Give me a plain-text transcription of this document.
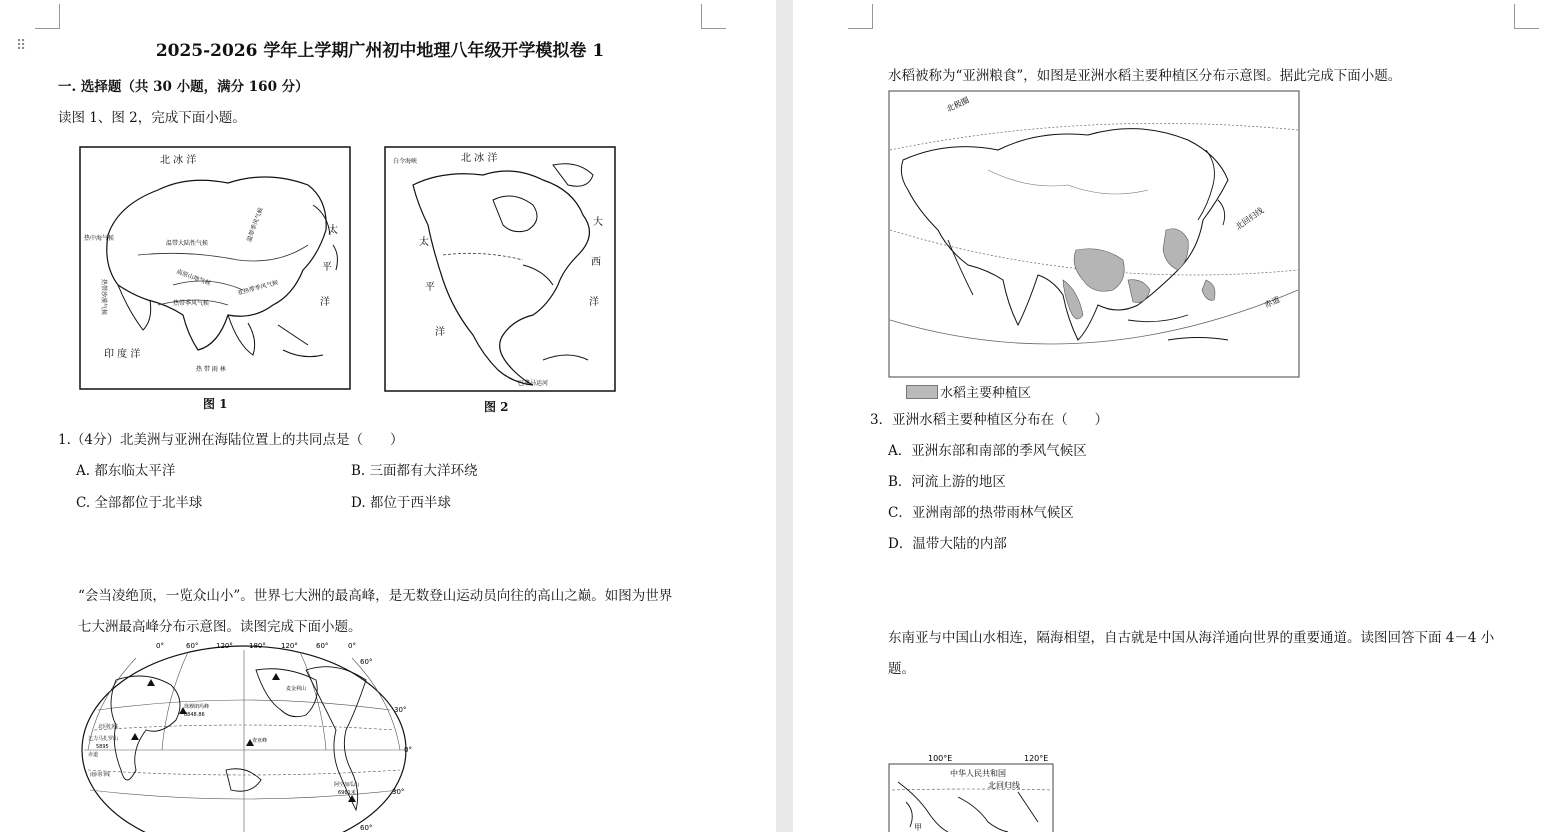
⠿	2025-2026 学年上学期广州初中地理八年级开学模拟卷 1
一. 选择题（共 30 小题，满分 160 分）
读图 1、图 2，完成下面小题。
北 冰 洋
太
平
洋
印 度 洋
温带大陆性气候
温带季风气候
热中海气候
高原山地气候
亚热带季风气候
热带季风气候
热带沙漠气候
热 带 雨 林
图 1
白令海峡	北 冰 洋
太
平
洋
大
西
洋
巴拿马运河
图 2
1.（4分）北美洲与亚洲在海陆位置上的共同点是（　　）
A. 都东临太平洋	B. 三面都有大洋环绕
C. 全部都位于北半球	D. 都位于西半球
“会当凌绝顶，一览众山小”。世界七大洲的最高峰，是无数登山运动员向往的高山之巅。如图为世界
七大洲最高峰分布示意图。读图完成下面小题。
0°	60°	120° 180° 120°	60°	0°
60°
30°
0°
30°
60°
珠穆朗玛峰
8848.86
乞力马扎罗山
5895
查亚峰
阿空加瓜山
6961米
麦金利山
北回归线
赤道
南回归线
水稻被称为“亚洲粮食”，如图是亚洲水稻主要种植区分布示意图。据此完成下面小题。
北极圈
北回归线
赤道
水稻主要种植区
3．亚洲水稻主要种植区分布在（　　）
A．亚洲东部和南部的季风气候区
B．河流上游的地区
C．亚洲南部的热带雨林气候区
D．温带大陆的内部
东南亚与中国山水相连，隔海相望，自古就是中国从海洋通向世界的重要通道。读图回答下面 4－4 小
题。
100°E	120°E
中华人民共和国
北回归线
甲
